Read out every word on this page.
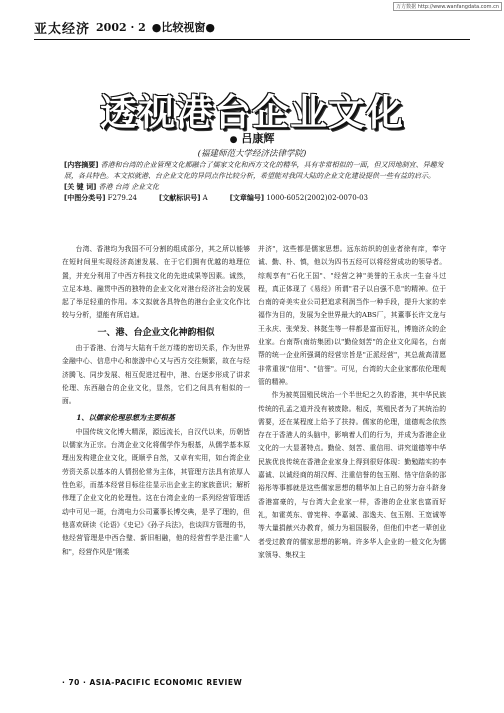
万方数据 http://www.wanfangdata.com.cn
亚太经济 2002 · 2 ●比较视窗●
透视港台企业文化
● 吕康辉
(福建师范大学经济法律学院)
[内容摘要] 香港和台湾的企业管理文化都融合了儒家文化和西方文化的精华，具有非常相似的一面，但又因地制宜、异趣发展，各具特色。本文拟就港、台企业文化的异同点作比较分析，希望能对我国大陆的企业文化建设提供一些有益的启示。
[关 键 词] 香港 台湾 企业文化
[中图分类号] F279.24	[文献标识号] A	[文章编号] 1000-6052(2002)02-0070-03

台湾、香港均为我国不可分割的组成部分，其之所以能够在短时间里实现经济高速发展、在于它们拥有优越的地理位置，并充分利用了中西方科技文化的先进成果等因素。诚然，立足本地、融贯中西的独特的企业文化对港台经济社会的发展起了举足轻重的作用。本文拟就各具特色的港台企业文化作比较与分析，望能有所启迪。

一、港、台企业文化神韵相似

由于香港、台湾与大陆有千丝万缕的密切关系，作为世界金融中心、信息中心和旅游中心又与西方交往频繁，故在与经济腾飞、同步发展、相互促进过程中，港、台逐步形成了讲求伦理、东西融合的企业文化，显然，它们之间具有相似的一面。

1、以儒家伦理思想为主要根基

中国传统文化博大精深，源远流长，自汉代以来，历朝皆以儒家为正宗。台湾企业文化将儒学作为根基，从儒学基本原理出发构建企业文化，既顺乎自然，又卓有实用，如台湾企业劳资关系以基本的人情拐伦常为主体，其管理方法具有浓厚人性色彩，而基本经营目标往往显示出企业主的家族意识；解析伟理了企业文化的伦理性。这在台湾企业的一系列经营管理活动中可见一斑，台湾电力公司董事长博交典，是孚了理的，但他喜欢研读《论语》《史记》《孙子兵法》，也谈四方管理的书，他经营管理是中西合璧、新旧相融，他的经营哲学是注重"人和"，经营作风是"刚柔

并济"，这些都是儒家思想。远东纺织的创业者徐有庠，奉守诚、勤、朴、慎，他以为四书五经可以将经营成功的领导者。综观享有"石化王国"、"经营之神"美誉的王永庆一生奋斗过程，真正体现了《易经》所谓"君子以自强不息"的精神。位于台南的奇美实业公司把追求利润当作一种手段，提升大家的幸福作为目的，发展为全世界最大的ABS厂，其董事长许文龙与王永庆、张荣发、林挺生等一样都是富而好礼，博施济众的企业家。台南帮(南纺集团)以"勤俭刻苦"的企业文化闻名，台南帮的统一企业所强调的经营宗旨是"正派经营"，其总裁高清愿非常重视"信用"、"信誉"。可见，台湾的大企业家都依伦理观管的精神。

作为被英国殖民统治一个半世纪之久的香港，其中华民族传统的孔孟之道并没有被废除。相反，英殖民者为了其统治的需要，还在某程度上给予了扶持。儒家的伦理，道德观念依然存在于香港人的头脑中，影响着人们的行为，并成为香港企业文化的一大显著特点。勤俭、刻苦、重信用、讲究道德等中华民族优良传统在香港企业家身上得到很好体现：勤勉踏实的李嘉诚、以诚经商的胡汉辉、注重信誉的包玉刚、恪守信条的邵裕彤等事都就是这些儒家思想的精华加上自己的努力奋斗跻身香港富豪的，与台湾大企业家一样，香港的企业家也富而好礼，如霍英东、曾宪梓、李嘉诚、邵逸夫、包玉刚、王宽诚等等大量捐献兴办教育，倾力为祖国服务，但他们中老一辈创业者受过教育的儒家思想的影响。许多华人企业的一般文化为儒家领导、集权主

· 70 · ASIA-PACIFIC ECONOMIC REVIEW
